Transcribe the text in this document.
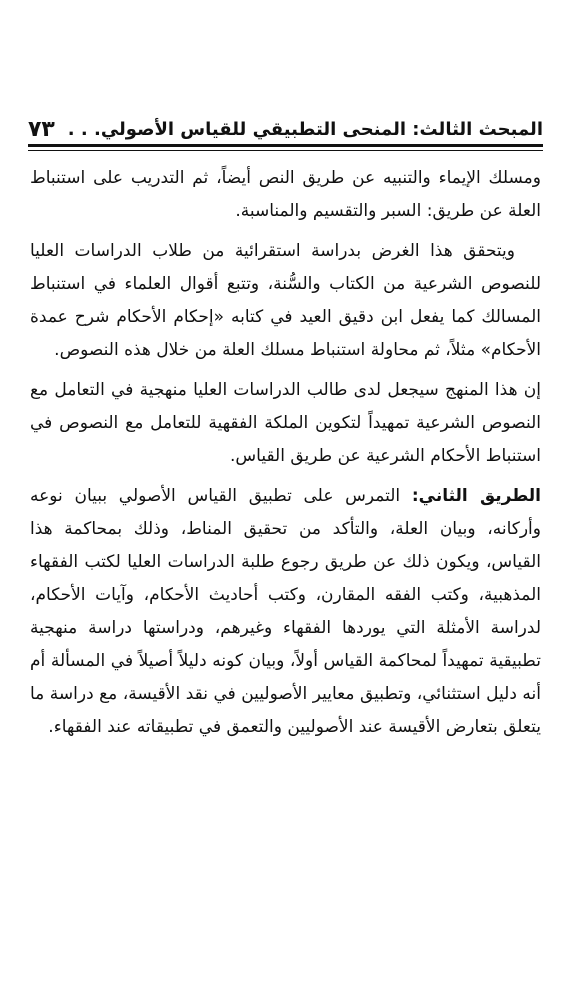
المبحث الثالث: المنحى التطبيقي للقياس الأصولي. . .
٧٣

ومسلك الإيماء والتنبيه عن طريق النص أيضاً، ثم التدريب على استنباط العلة عن طريق: السبر والتقسيم والمناسبة.

ويتحقق هذا الغرض بدراسة استقرائية من طلاب الدراسات العليا للنصوص الشرعية من الكتاب والسُّنة، وتتبع أقوال العلماء في استنباط المسالك كما يفعل ابن دقيق العيد في كتابه «إحكام الأحكام شرح عمدة الأحكام» مثلاً، ثم محاولة استنباط مسلك العلة من خلال هذه النصوص.

إن هذا المنهج سيجعل لدى طالب الدراسات العليا منهجية في التعامل مع النصوص الشرعية تمهيداً لتكوين الملكة الفقهية للتعامل مع النصوص في استنباط الأحكام الشرعية عن طريق القياس.

الطريق الثاني: التمرس على تطبيق القياس الأصولي ببيان نوعه وأركانه، وبيان العلة، والتأكد من تحقيق المناط، وذلك بمحاكمة هذا القياس، ويكون ذلك عن طريق رجوع طلبة الدراسات العليا لكتب الفقهاء المذهبية، وكتب الفقه المقارن، وكتب أحاديث الأحكام، وآيات الأحكام، لدراسة الأمثلة التي يوردها الفقهاء وغيرهم، ودراستها دراسة منهجية تطبيقية تمهيداً لمحاكمة القياس أولاً، وبيان كونه دليلاً أصيلاً في المسألة أم أنه دليل استثنائي، وتطبيق معايير الأصوليين في نقد الأقيسة، مع دراسة ما يتعلق بتعارض الأقيسة عند الأصوليين والتعمق في تطبيقاته عند الفقهاء.
